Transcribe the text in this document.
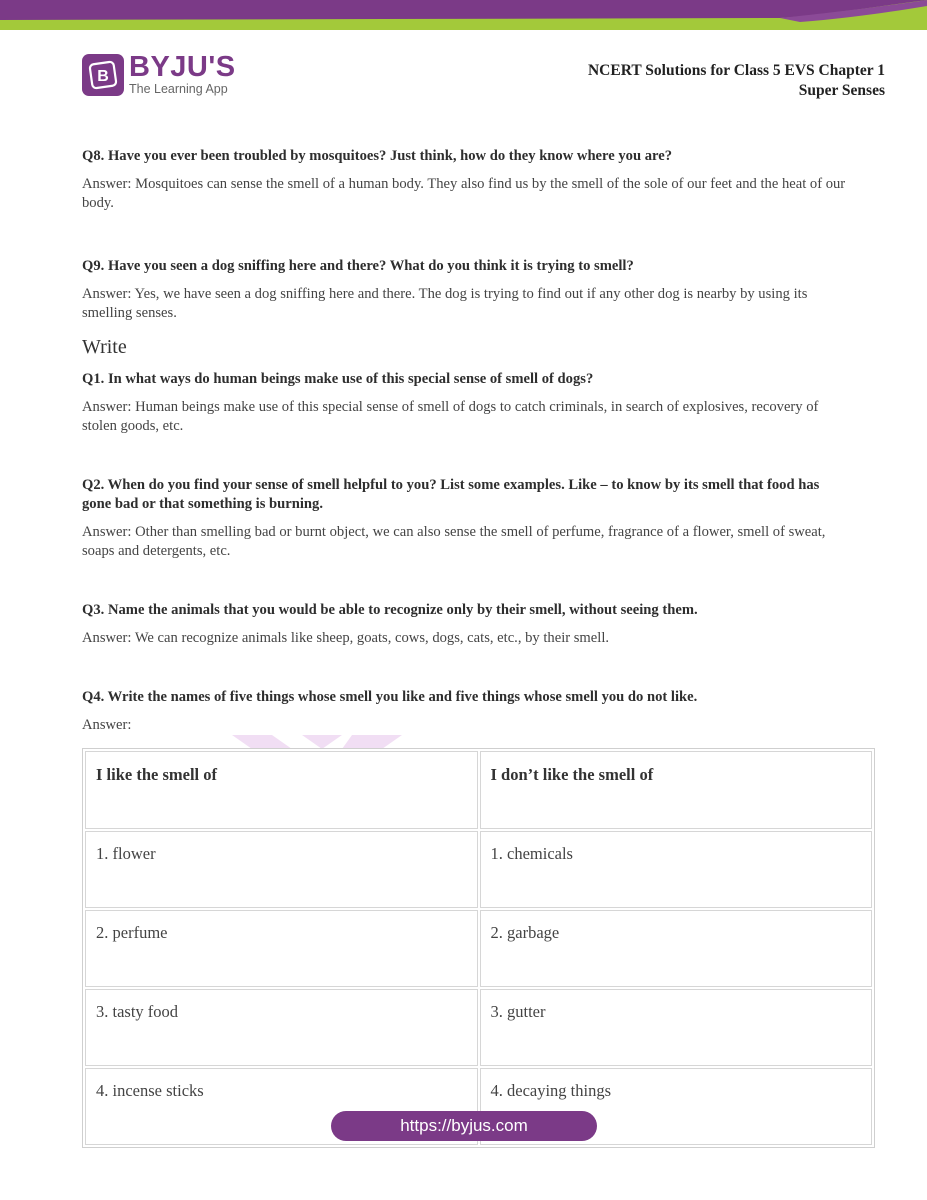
B BYJU'S
The Learning App
NCERT Solutions for Class 5 EVS Chapter 1
Super Senses

Q8. Have you ever been troubled by mosquitoes? Just think, how do they know where you are?

Answer: Mosquitoes can sense the smell of a human body. They also find us by the smell of the sole of our feet and the heat of our body.

Q9. Have you seen a dog sniffing here and there? What do you think it is trying to smell?

Answer: Yes, we have seen a dog sniffing here and there. The dog is trying to find out if any other dog is nearby by using its smelling senses.

Write

Q1. In what ways do human beings make use of this special sense of smell of dogs?

Answer: Human beings make use of this special sense of smell of dogs to catch criminals, in search of explosives, recovery of stolen goods, etc.

Q2. When do you find your sense of smell helpful to you? List some examples. Like – to know by its smell that food has gone bad or that something is burning.

Answer: Other than smelling bad or burnt object, we can also sense the smell of perfume, fragrance of a flower, smell of sweat, soaps and detergents, etc.

Q3. Name the animals that you would be able to recognize only by their smell, without seeing them.

Answer: We can recognize animals like sheep, goats, cows, dogs, cats, etc., by their smell.

Q4. Write the names of five things whose smell you like and five things whose smell you do not like.

Answer:

I like the smell of	I don’t like the smell of
1. flower	1. chemicals
2. perfume	2. garbage
3. tasty food	3. gutter
4. incense sticks	4. decaying things
https://byjus.com
